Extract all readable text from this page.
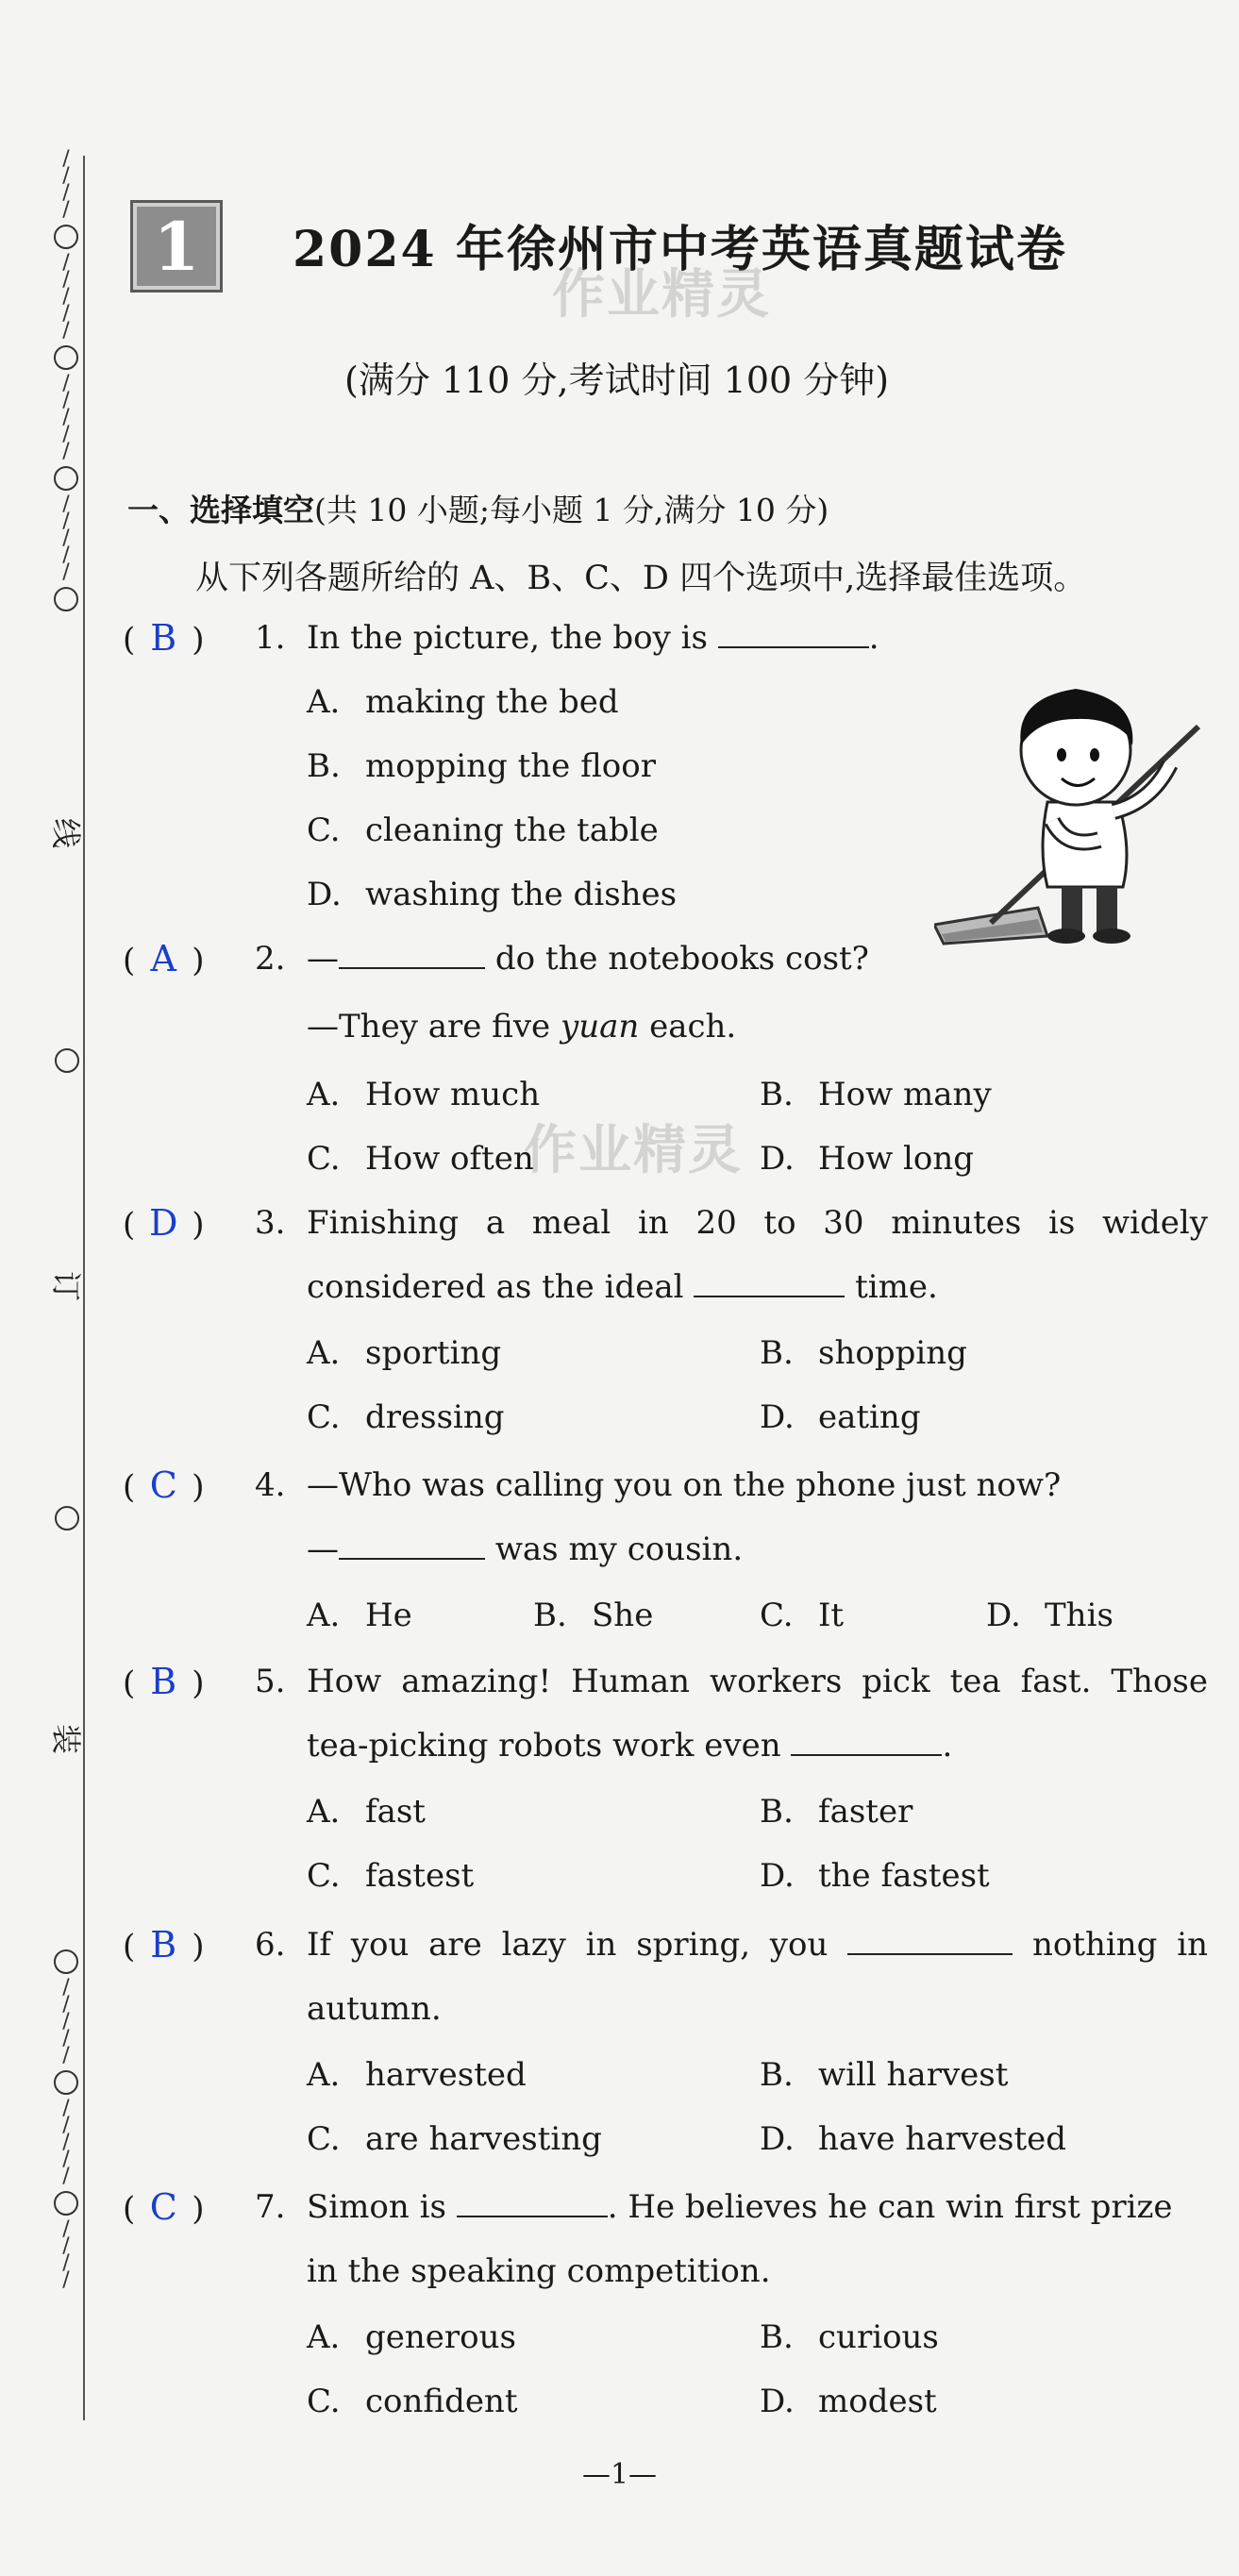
/
/
/
/
/
/
/
/
/
/
/
/
/
/
/
/
/
/
/
线
订
装
/
/
/
/
/
/
/
/
/
/
/
/
/
/
1	2024 年徐州市中考英语真题试卷
作业精灵
(满分 110 分,考试时间 100 分钟)
一、选择填空(共 10 小题;每小题 1 分,满分 10 分)
从下列各题所给的 A、B、C、D 四个选项中,选择最佳选项。
( B )	1. In the picture, the boy is	.
A. making the bed
B. mopping the floor
C. cleaning the table
D. washing the dishes
( A )	2. —	do the notebooks cost?
—They are five yuan each.
A. How much	B. How many
C. How often	D. How long
作业精灵
( D )	3. Finishing a meal in 20 to 30 minutes is widely
considered as the ideal	time.
A. sporting	B. shopping
C. dressing	D. eating
( C )	4. —Who was calling you on the phone just now?
—	was my cousin.
A. He	B. She	C. It	D. This
( B )	5. How amazing! Human workers pick tea fast. Those
tea-picking robots work even	.
A. fast	B. faster
C. fastest	D. the fastest
( B )	6. If you are lazy in spring, you	nothing in
autumn.
A. harvested	B. will harvest
C. are harvesting	D. have harvested
( C )	7. Simon is	. He believes he can win first prize
in the speaking competition.
A. generous	B. curious
C. confident	D. modest
—1—
